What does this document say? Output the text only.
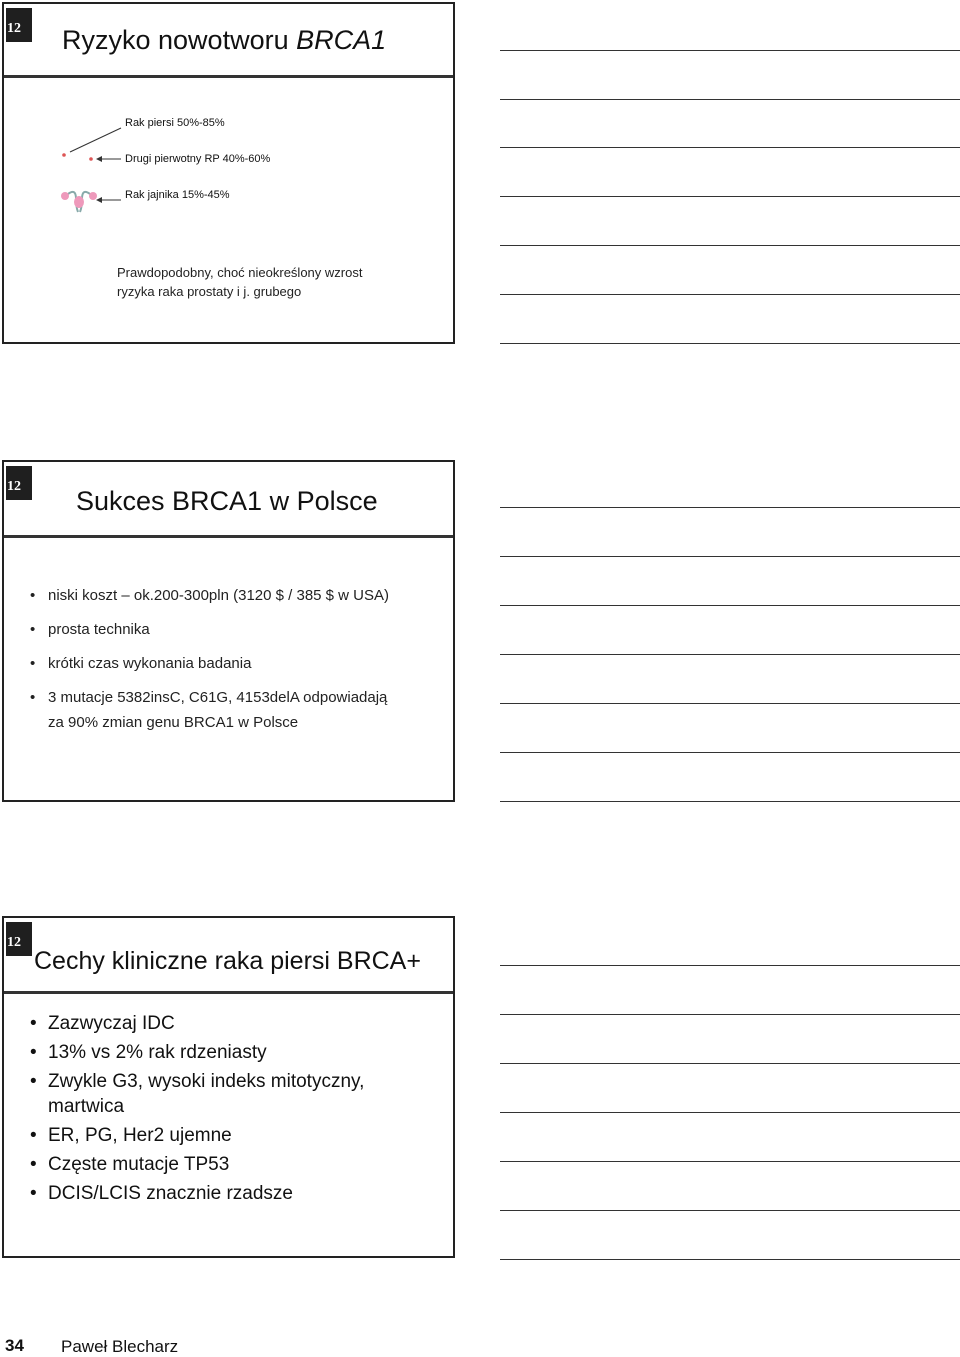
12 Ryzyko nowotworu BRCA1
Rak piersi 50%-85%
Drugi pierwotny RP 40%-60%
Rak jajnika 15%-45%
Prawdopodobny, choć nieokreślony wzrost
ryzyka raka prostaty i j. grubego
12 Sukces BRCA1 w Polsce
• niski koszt – ok.200-300pln (3120 $ / 385 $ w USA)
• prosta technika
• krótki czas wykonania badania
• 3 mutacje 5382insC, C61G, 4153delA odpowiadają
za 90% zmian genu BRCA1 w Polsce
12
Cechy kliniczne raka piersi BRCA+
• Zazwyczaj IDC
• 13% vs 2% rak rdzeniasty
• Zwykle G3, wysoki indeks mitotyczny,
martwica
• ER, PG, Her2 ujemne
• Częste mutacje TP53
• DCIS/LCIS znacznie rzadsze
34 Paweł Blecharz
